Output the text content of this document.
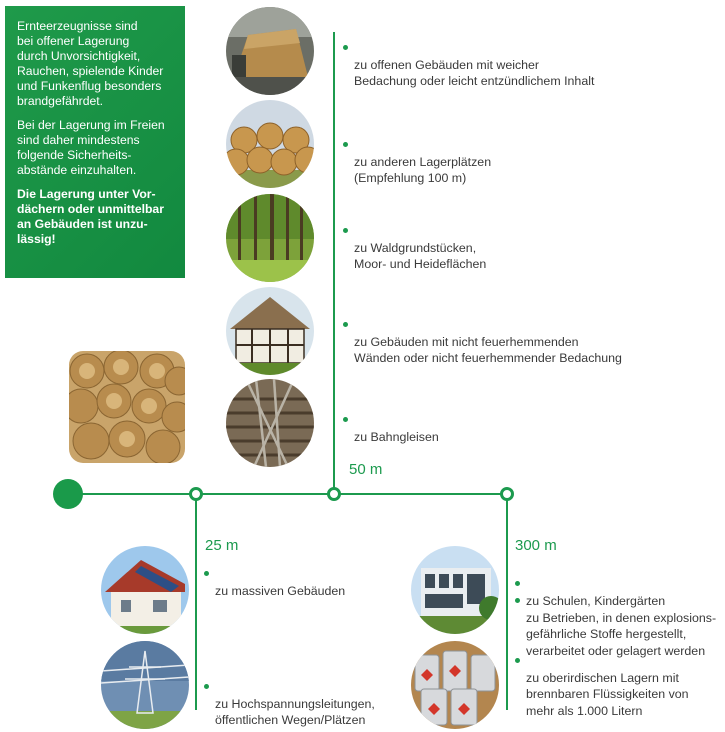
Ernteerzeugnisse sind
bei offener Lagerung
durch Unvorsichtigkeit,
Rauchen, spielende Kinder
und Funkenflug besonders
brandgefährdet.

Bei der Lagerung im Freien
sind daher mindestens
folgende Sicherheits-
abstände einzuhalten.

Die Lagerung unter Vor-
dächern oder unmittelbar
an Gebäuden ist unzu-
lässig!

50 m
25 m	300 m

zu offenen Gebäuden mit weicher
Bedachung oder leicht entzündlichem Inhalt

zu anderen Lagerplätzen
(Empfehlung 100 m)

zu Waldgrundstücken,
Moor- und Heideflächen

zu Gebäuden mit nicht feuerhemmenden
Wänden oder nicht feuerhemmender Bedachung

zu Bahngleisen

zu massiven Gebäuden

zu Hochspannungsleitungen,
öffentlichen Wegen/Plätzen

zu Schulen, Kindergärten

zu Betrieben, in denen explosions-
gefährliche Stoffe hergestellt,
verarbeitet oder gelagert werden

zu oberirdischen Lagern mit
brennbaren Flüssigkeiten von
mehr als 1.000 Litern
